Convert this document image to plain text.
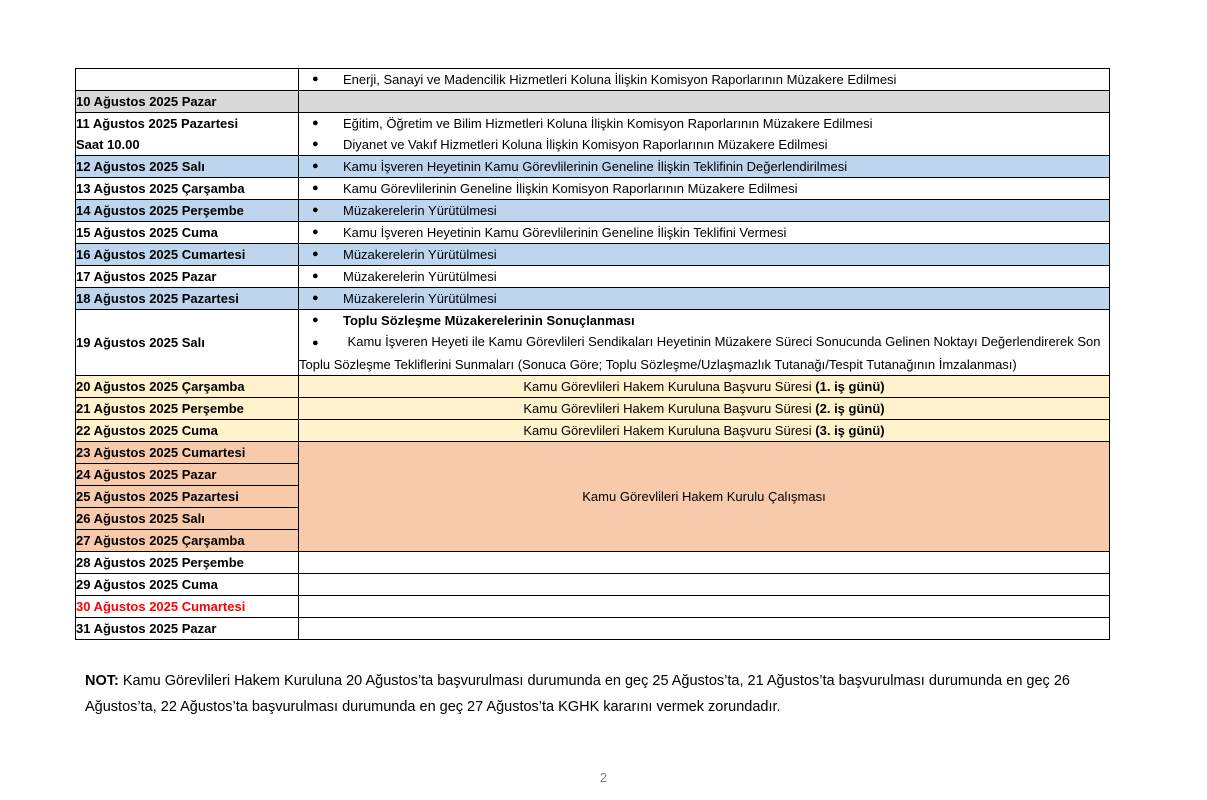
	● Enerji, Sanayi ve Madencilik Hizmetleri Koluna İlişkin Komisyon Raporlarının Müzakere Edilmesi

10 Ağustos 2025 Pazar	

11 Ağustos 2025 Pazartesi
Saat 10.00

●	Eğitim, Öğretim ve Bilim Hizmetleri Koluna İlişkin Komisyon Raporlarının Müzakere Edilmesi
●	Diyanet ve Vakıf Hizmetleri Koluna İlişkin Komisyon Raporlarının Müzakere Edilmesi

12 Ağustos 2025 Salı	● Kamu İşveren Heyetinin Kamu Görevlilerinin Geneline İlişkin Teklifinin Değerlendirilmesi

13 Ağustos 2025 Çarşamba	● Kamu Görevlilerinin Geneline İlişkin Komisyon Raporlarının Müzakere Edilmesi

14 Ağustos 2025 Perşembe	● Müzakerelerin Yürütülmesi

15 Ağustos 2025 Cuma	● Kamu İşveren Heyetinin Kamu Görevlilerinin Geneline İlişkin Teklifini Vermesi

16 Ağustos 2025 Cumartesi	● Müzakerelerin Yürütülmesi

17 Ağustos 2025 Pazar	● Müzakerelerin Yürütülmesi

18 Ağustos 2025 Pazartesi	● Müzakerelerin Yürütülmesi

19 Ağustos 2025 Salı	● Toplu Sözleşme Müzakerelerinin Sonuçlanması
●        Kamu İşveren Heyeti ile Kamu Görevlileri Sendikaları Heyetinin Müzakere Süreci Sonucunda Gelinen Noktayı Değerlendirerek Son Toplu Sözleşme Tekliflerini Sunmaları (Sonuca Göre; Toplu Sözleşme/Uzlaşmazlık Tutanağı/Tespit Tutanağının İmzalanması)

20 Ağustos 2025 Çarşamba	Kamu Görevlileri Hakem Kuruluna Başvuru Süresi (1. iş günü)

21 Ağustos 2025 Perşembe	Kamu Görevlileri Hakem Kuruluna Başvuru Süresi (2. iş günü)

22 Ağustos 2025 Cuma	Kamu Görevlileri Hakem Kuruluna Başvuru Süresi (3. iş günü)

23 Ağustos 2025 Cumartesi	Kamu Görevlileri Hakem Kurulu Çalışması

24 Ağustos 2025 Pazar	

25 Ağustos 2025 Pazartesi	

26 Ağustos 2025 Salı	

27 Ağustos 2025 Çarşamba	

28 Ağustos 2025 Perşembe	

29 Ağustos 2025 Cuma	

30 Ağustos 2025 Cumartesi	

31 Ağustos 2025 Pazar	

NOT: Kamu Görevlileri Hakem Kuruluna 20 Ağustos’ta başvurulması durumunda en geç 25 Ağustos’ta, 21 Ağustos’ta başvurulması durumunda en geç 26 Ağustos’ta, 22 Ağustos’ta başvurulması durumunda en geç 27 Ağustos’ta KGHK kararını vermek zorundadır.
2
